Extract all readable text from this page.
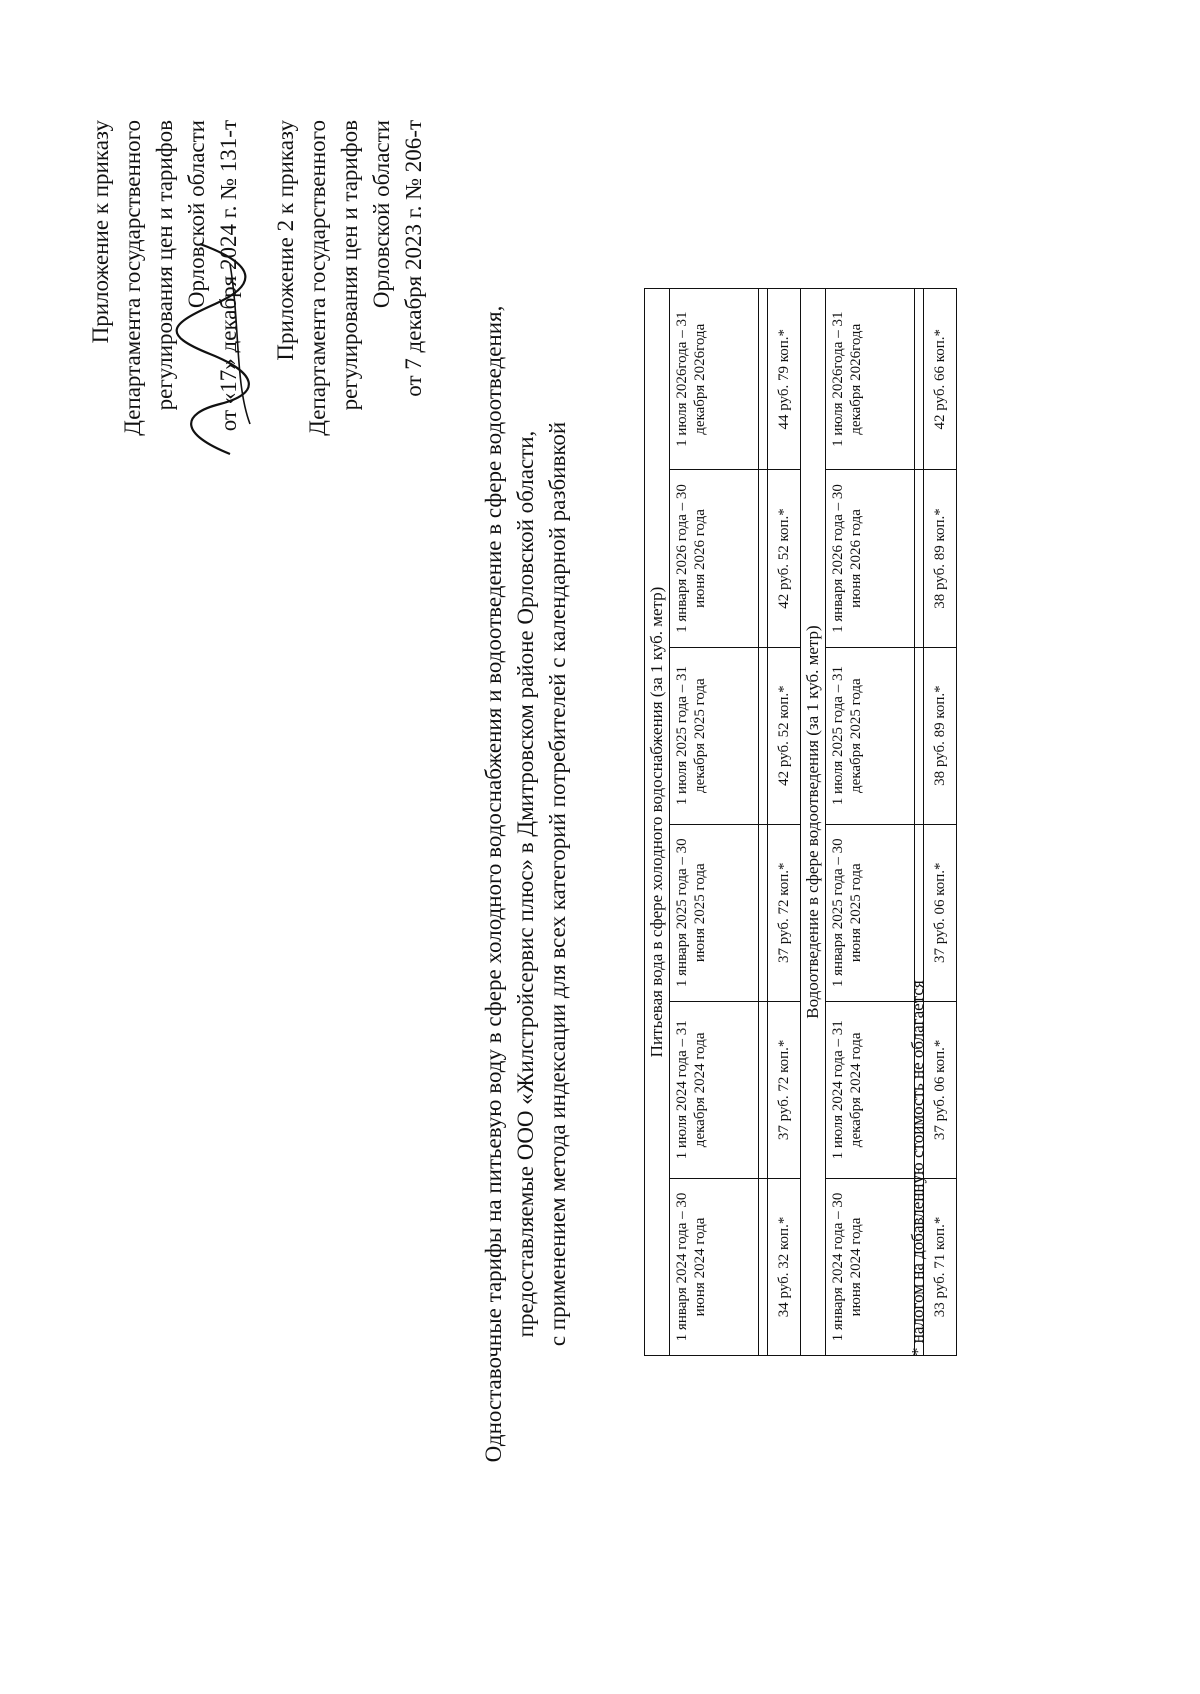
Приложение к приказу Департамента государственного регулирования цен и тарифов Орловской области от «17» декабря 2024 г. № 131-т Приложение 2 к приказу Департамента государственного регулирования цен и тарифов Орловской области от 7 декабря 2023 г. № 206-т
Одноставочные тарифы на питьевую воду в сфере холодного водоснабжения и водоотведение в сфере водоотведения, предоставляемые ООО «Жилстройсервис плюс» в Дмитровском районе Орловской области, с применением метода индексации для всех категорий потребителей с календарной разбивкой	Питьевая вода в сфере холодного водоснабжения (за 1 куб. метр)					
1 января 2024 года – 30 июня 2024 года	1 июля 2024 года – 31 декабря 2024 года	1 января 2025 года – 30 июня 2025 года	1 июля 2025 года – 31 декабря 2025 года	1 января 2026 года – 30 июня 2026 года	1 июля 2026года – 31 декабря 2026года

34 руб. 32 коп.*	37 руб. 72 коп.*	37 руб. 72 коп.*	42 руб. 52 коп.*	42 руб. 52 коп.*	44 руб. 79 коп.*
Водоотведение в сфере водоотведения (за 1 куб. метр)					
1 января 2024 года – 30 июня 2024 года	1 июля 2024 года – 31 декабря 2024 года	1 января 2025 года – 30 июня 2025 года	1 июля 2025 года – 31 декабря 2025 года	1 января 2026 года – 30 июня 2026 года	1 июля 2026года – 31 декабря 2026года

33 руб. 71 коп.*	37 руб. 06 коп.*	37 руб. 06 коп.*	38 руб. 89 коп.*	38 руб. 89 коп.*	42 руб. 66 коп.*
* налогом на добавленную стоимость не облагается
